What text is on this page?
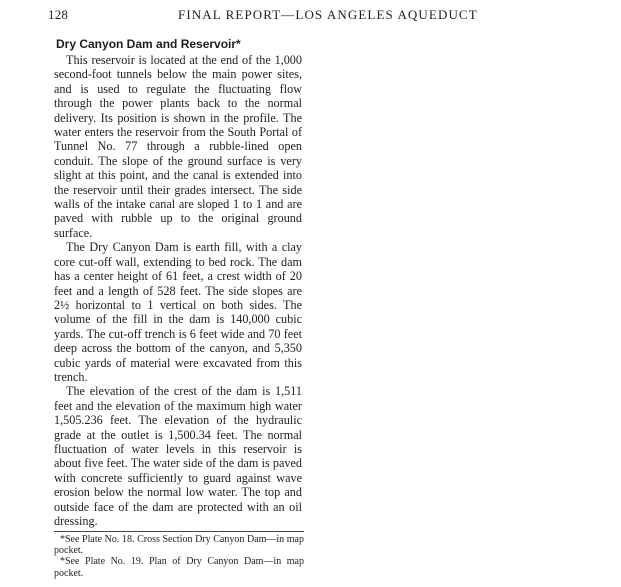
128	FINAL REPORT—LOS ANGELES AQUEDUCT
Dry Canyon Dam and Reservoir*

This reservoir is located at the end of the 1,000 second-foot tunnels below the main power sites, and is used to regulate the fluctuating flow through the power plants back to the normal delivery. Its position is shown in the profile. The water enters the reservoir from the South Portal of Tunnel No. 77 through a rubble-lined open conduit. The slope of the ground surface is very slight at this point, and the canal is extended into the reservoir until their grades intersect. The side walls of the intake canal are sloped 1 to 1 and are paved with rubble up to the original ground surface.

The Dry Canyon Dam is earth fill, with a clay core cut-off wall, extending to bed rock. The dam has a center height of 61 feet, a crest width of 20 feet and a length of 528 feet. The side slopes are 2½ horizontal to 1 vertical on both sides. The volume of the fill in the dam is 140,000 cubic yards. The cut-off trench is 6 feet wide and 70 feet deep across the bottom of the canyon, and 5,350 cubic yards of material were excavated from this trench.

The elevation of the crest of the dam is 1,511 feet and the elevation of the maximum high water 1,505.236 feet. The elevation of the hydraulic grade at the outlet is 1,500.34 feet. The normal fluctuation of water levels in this reservoir is about five feet. The water side of the dam is paved with concrete sufficiently to guard against wave erosion below the normal low water. The top and outside face of the dam are protected with an oil dressing.

*See Plate No. 18. Cross Section Dry Canyon Dam—in map pocket.

*See Plate No. 19. Plan of Dry Canyon Dam—in map pocket.
